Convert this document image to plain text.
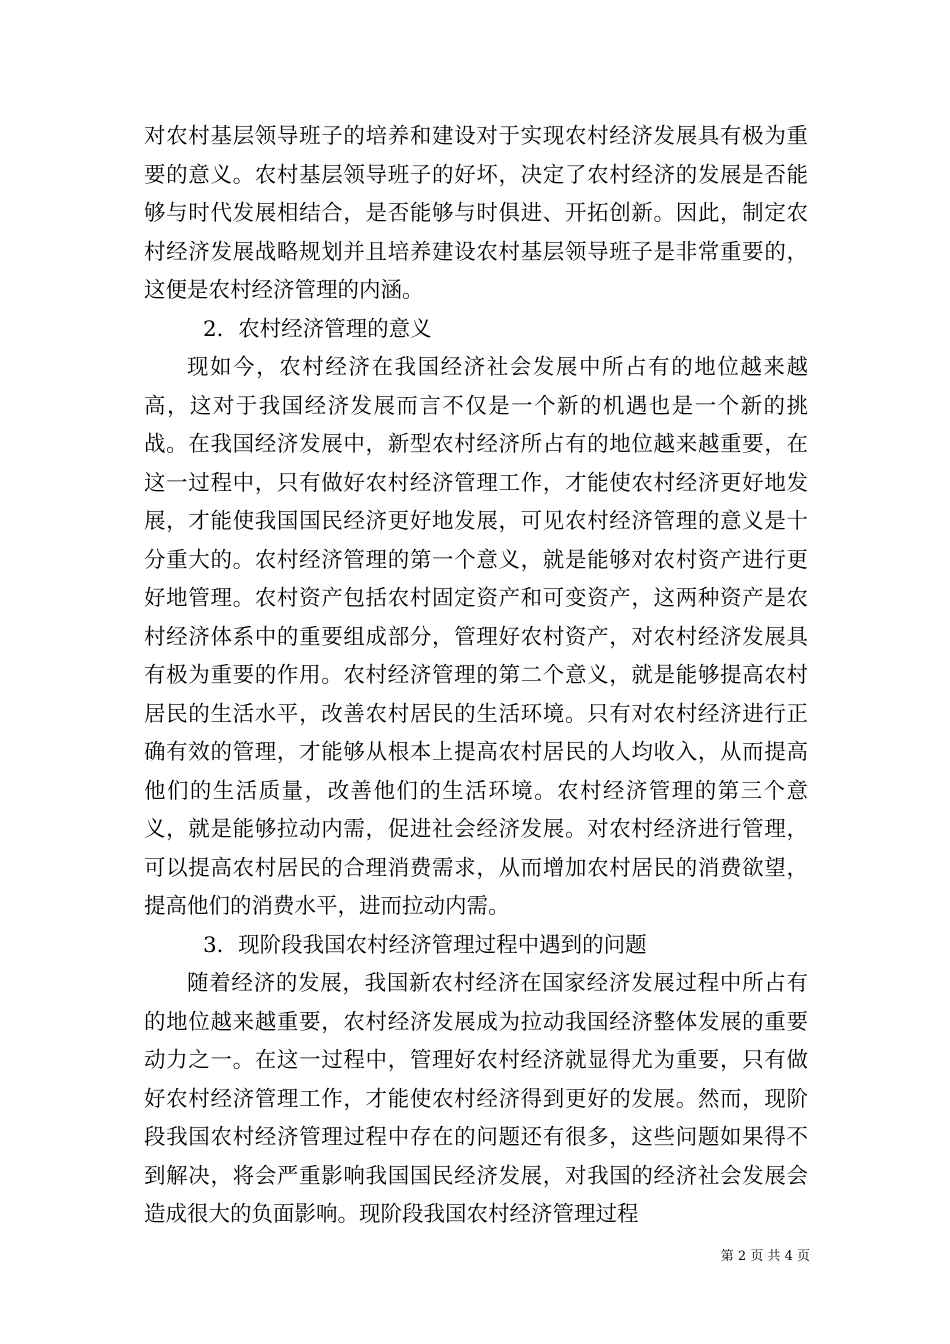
对农村基层领导班子的培养和建设对于实现农村经济发展具有极为重要的意义。农村基层领导班子的好坏，决定了农村经济的发展是否能够与时代发展相结合，是否能够与时俱进、开拓创新。因此，制定农村经济发展战略规划并且培养建设农村基层领导班子是非常重要的，这便是农村经济管理的内涵。

2．农村经济管理的意义

现如今，农村经济在我国经济社会发展中所占有的地位越来越高，这对于我国经济发展而言不仅是一个新的机遇也是一个新的挑战。在我国经济发展中，新型农村经济所占有的地位越来越重要，在这一过程中，只有做好农村经济管理工作，才能使农村经济更好地发展，才能使我国国民经济更好地发展，可见农村经济管理的意义是十分重大的。农村经济管理的第一个意义，就是能够对农村资产进行更好地管理。农村资产包括农村固定资产和可变资产，这两种资产是农村经济体系中的重要组成部分，管理好农村资产，对农村经济发展具有极为重要的作用。农村经济管理的第二个意义，就是能够提高农村居民的生活水平，改善农村居民的生活环境。只有对农村经济进行正确有效的管理，才能够从根本上提高农村居民的人均收入，从而提高他们的生活质量，改善他们的生活环境。农村经济管理的第三个意义，就是能够拉动内需，促进社会经济发展。对农村经济进行管理，可以提高农村居民的合理消费需求，从而增加农村居民的消费欲望，提高他们的消费水平，进而拉动内需。

3．现阶段我国农村经济管理过程中遇到的问题

随着经济的发展，我国新农村经济在国家经济发展过程中所占有的地位越来越重要，农村经济发展成为拉动我国经济整体发展的重要动力之一。在这一过程中，管理好农村经济就显得尤为重要，只有做好农村经济管理工作，才能使农村经济得到更好的发展。然而，现阶段我国农村经济管理过程中存在的问题还有很多，这些问题如果得不到解决，将会严重影响我国国民经济发展，对我国的经济社会发展会造成很大的负面影响。现阶段我国农村经济管理过程

第 2 页 共 4 页
